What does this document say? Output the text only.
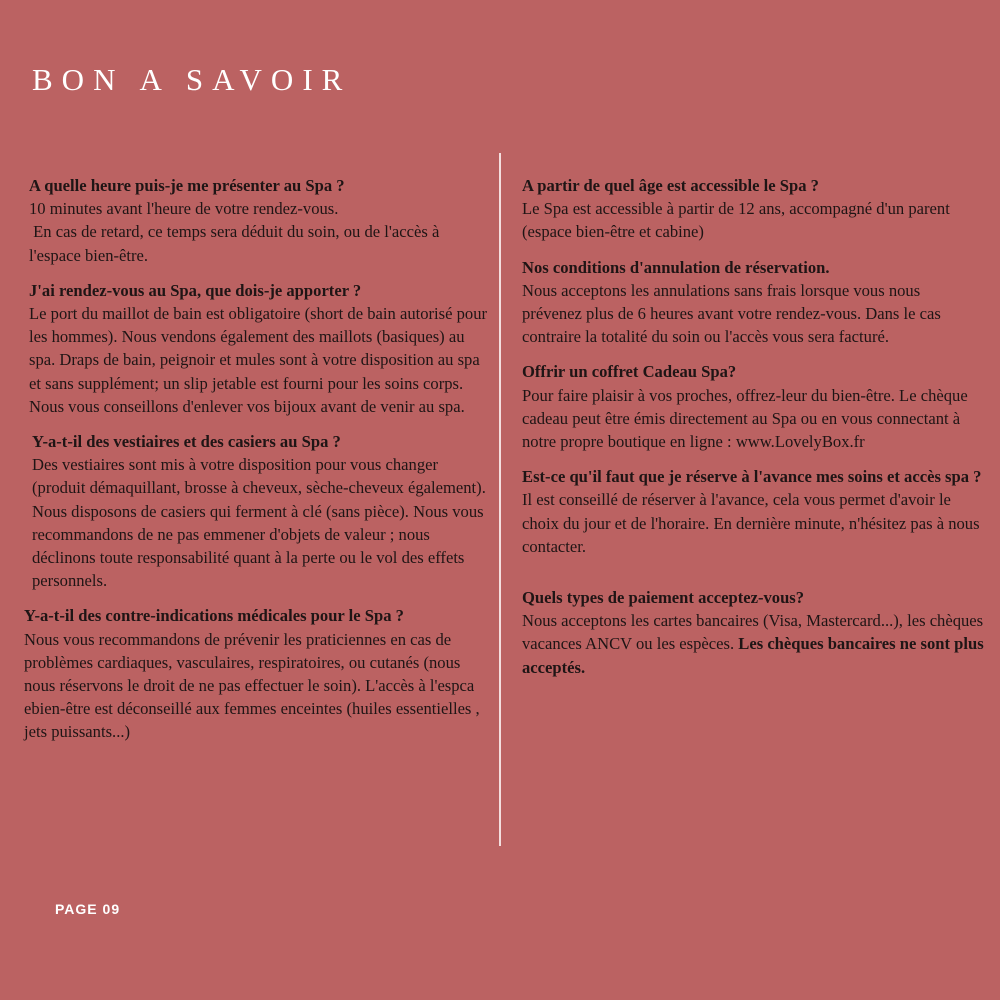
BON A SAVOIR

A quelle heure puis-je me présenter au Spa ?

10 minutes avant l'heure de votre rendez-vous.

En cas de retard, ce temps sera déduit du soin, ou de l'accès à l'espace bien-être.

J'ai rendez-vous au Spa, que dois-je apporter ?

Le port du maillot de bain est obligatoire (short de bain autorisé pour les hommes). Nous vendons également des maillots (basiques) au spa. Draps de bain, peignoir et mules sont à votre disposition au spa et sans supplément; un slip jetable est fourni pour les soins corps.

Nous vous conseillons d'enlever vos bijoux avant de venir au spa.

Y-a-t-il des vestiaires et des casiers au Spa ?

Des vestiaires sont mis à votre disposition pour vous changer (produit démaquillant, brosse à cheveux, sèche-cheveux également). Nous disposons de casiers qui ferment à clé (sans pièce). Nous vous recommandons de ne pas emmener d'objets de valeur ; nous déclinons toute responsabilité quant à la perte ou le vol des effets personnels.

Y-a-t-il des contre-indications médicales pour le Spa ?

Nous vous recommandons de prévenir les praticiennes en cas de problèmes cardiaques, vasculaires, respiratoires, ou cutanés (nous nous réservons le droit de ne pas effectuer le soin). L'accès à l'espca ebien-être est déconseillé aux femmes enceintes (huiles essentielles , jets puissants...)

A partir de quel âge est accessible le Spa ?

Le Spa est accessible à partir de 12 ans, accompagné d'un parent (espace bien-être et cabine)

Nos conditions d'annulation de réservation.

Nous acceptons les annulations sans frais lorsque vous nous prévenez plus de 6 heures avant votre rendez-vous. Dans le cas contraire la totalité du soin ou l'accès vous sera facturé.

Offrir un coffret Cadeau Spa?

Pour faire plaisir à vos proches, offrez-leur du bien-être. Le chèque cadeau peut être émis directement au Spa ou en vous connectant à notre propre boutique en ligne : www.LovelyBox.fr

Est-ce qu'il faut que je réserve à l'avance mes soins et accès spa ?

Il est conseillé de réserver à l'avance, cela vous permet d'avoir le choix du jour et de l'horaire. En dernière minute, n'hésitez pas à nous contacter.

Quels types de paiement acceptez-vous?

Nous acceptons les cartes bancaires (Visa, Mastercard...), les chèques vacances ANCV ou les espèces. Les chèques bancaires ne sont plus acceptés.

PAGE 09
